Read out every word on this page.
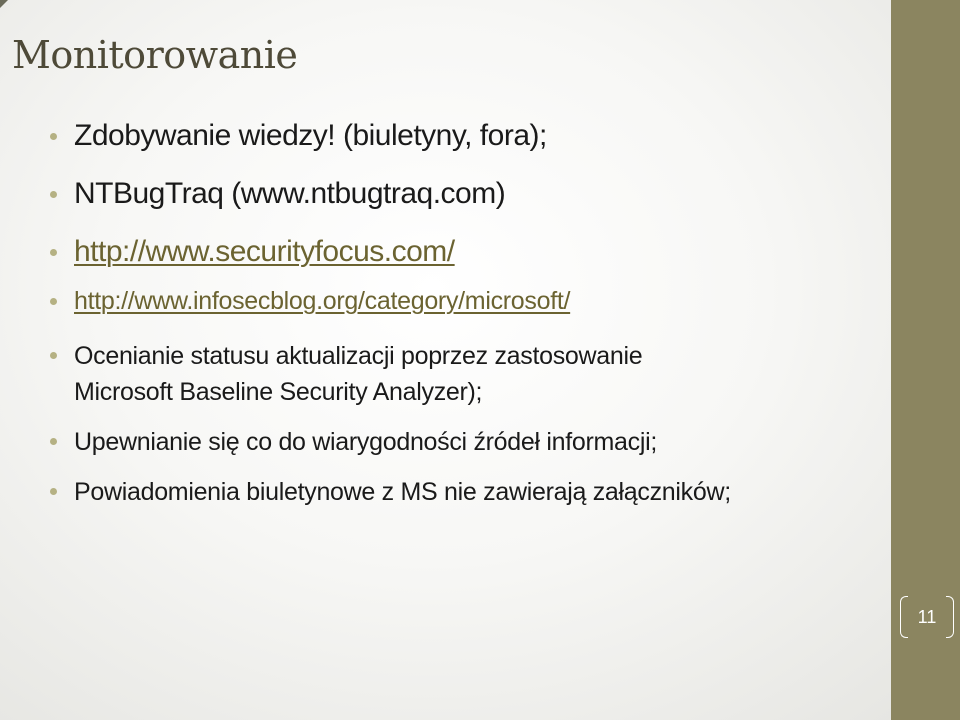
Monitorowanie
Zdobywanie wiedzy! (biuletyny, fora);
NTBugTraq (www.ntbugtraq.com)
http://www.securityfocus.com/
http://www.infosecblog.org/category/microsoft/
Ocenianie statusu aktualizacji poprzez zastosowanie Microsoft Baseline Security Analyzer);
Upewnianie się co do wiarygodności źródeł informacji;
Powiadomienia biuletynowe z MS nie zawierają załączników;
11
